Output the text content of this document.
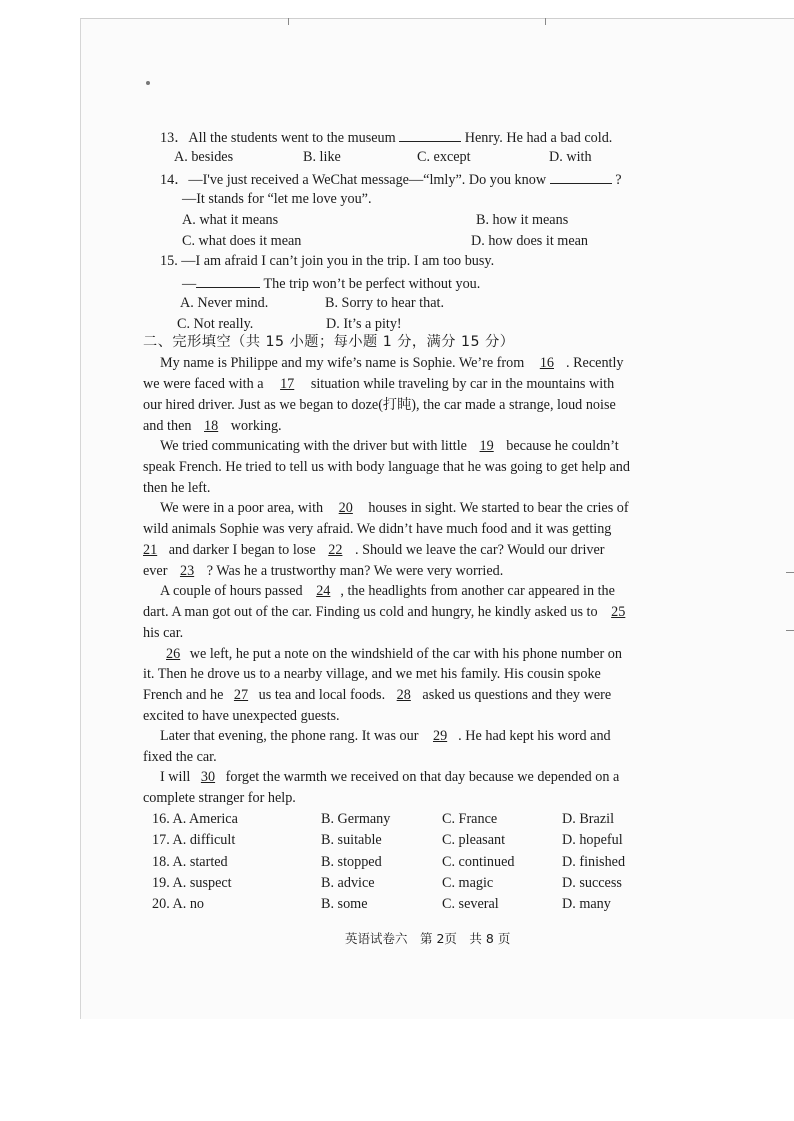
13．All the students went to the museum	Henry. He had a bad cold.
A. besides	B. like	C. except	D. with
14．—I've just received a WeChat message—“lmly”. Do you know	?
—It stands for “let me love you”.
A. what it means	B. how it means
C. what does it mean	D. how does it mean
15. —I am afraid I can’t join you in the trip. I am too busy.
—	The trip won’t be perfect without you.
A. Never mind.	B. Sorry to hear that.
C. Not really.	D. It’s a pity!
二、完形填空（共 15 小题；每小题 1 分，满分 15 分）
My name is Philippe and my wife’s name is Sophie. We’re from 16 . Recently
we were faced with a 17 situation while traveling by car in the mountains with
our hired driver. Just as we began to doze(打盹), the car made a strange, loud noise
and then 18 working.
We tried communicating with the driver but with little 19 because he couldn’t
speak French. He tried to tell us with body language that he was going to get help and
then he left.
We were in a poor area, with 20 houses in sight. We started to bear the cries of
wild animals Sophie was very afraid. We didn’t have much food and it was getting
21 and darker I began to lose 22 . Should we leave the car? Would our driver
ever 23 ? Was he a trustworthy man? We were very worried.
A couple of hours passed 24 , the headlights from another car appeared in the
dart. A man got out of the car. Finding us cold and hungry, he kindly asked us to 25
his car.
26 we left, he put a note on the windshield of the car with his phone number on
it. Then he drove us to a nearby village, and we met his family. His cousin spoke
French and he 27 us tea and local foods. 28 asked us questions and they were
excited to have unexpected guests.
Later that evening, the phone rang. It was our 29 . He had kept his word and
fixed the car.
I will 30 forget the warmth we received on that day because we depended on a
complete stranger for help.
16. A. America	B. Germany	C. France	D. Brazil
17. A. difficult	B. suitable	C. pleasant	D. hopeful
18. A. started	B. stopped	C. continued	D. finished
19. A. suspect	B. advice	C. magic	D. success
20. A. no	B. some	C. several	D. many
英语试卷六　第 2页　共 8 页
